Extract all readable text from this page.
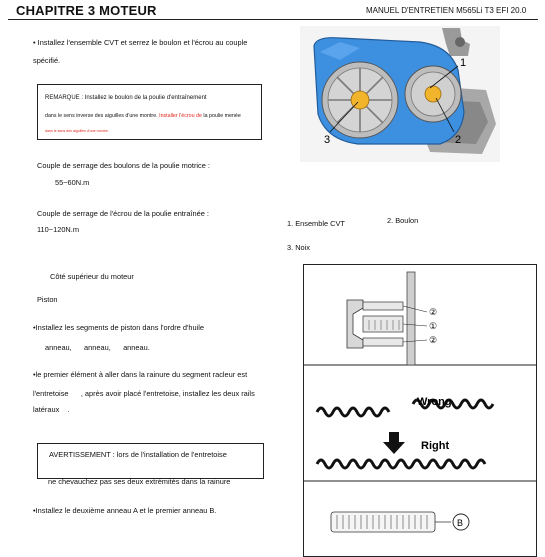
CHAPITRE 3 MOTEUR	MANUEL D'ENTRETIEN M565Li T3 EFI 20.0
• Installez l'ensemble CVT et serrez le boulon et l'écrou au couple
spécifié.
REMARQUE : Installez le boulon de la poulie d'entraînement
dans le sens inverse des aiguilles d'une montre. Installer l'écrou de la poulie menée
dans le sens des aiguilles d'une montre.
Couple de serrage des boulons de la poulie motrice :
55~60N.m
Couple de serrage de l'écrou de la poulie entraînée :
110~120N.m
Côté supérieur du moteur
Piston
•Installez les segments de piston dans l'ordre d'huile
anneau,      anneau,      anneau.
•le premier élément à aller dans la rainure du segment racleur est
l'entretoise      , après avoir placé l'entretoise, installez les deux rails
latéraux    .
AVERTISSEMENT : lors de l'installation de l'entretoise
ne chevauchez pas ses deux extrémités dans la rainure
•Installez le deuxième anneau A et le premier anneau B.
1
2
3
1. Ensemble CVT	2. Boulon
3. Noix
②
①
②
Wrong
Right
B
